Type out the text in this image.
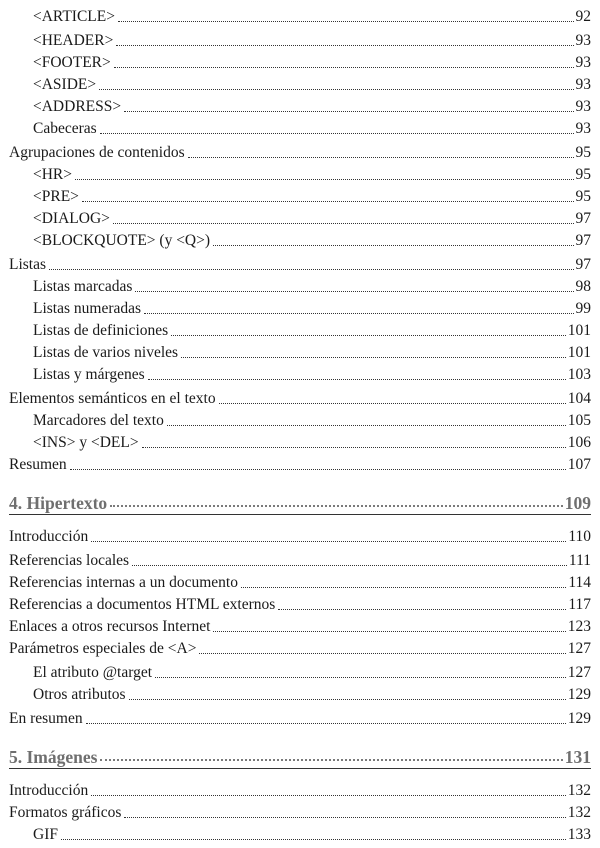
<ARTICLE>	92
<HEADER>	93
<FOOTER>	93
<ASIDE>	93
<ADDRESS>	93
Cabeceras	93
Agrupaciones de contenidos	95
<HR>	95
<PRE>	95
<DIALOG>	97
<BLOCKQUOTE> (y <Q>)	97
Listas	97
Listas marcadas	98
Listas numeradas	99
Listas de definiciones	101
Listas de varios niveles	101
Listas y márgenes	103
Elementos semánticos en el texto	104
Marcadores del texto	105
<INS> y <DEL>	106
Resumen	107
4. Hipertexto	109
Introducción	110
Referencias locales	111
Referencias internas a un documento	114
Referencias a documentos HTML externos	117
Enlaces a otros recursos Internet	123
Parámetros especiales de <A>	127
El atributo @target	127
Otros atributos	129
En resumen	129
5. Imágenes	131
Introducción	132
Formatos gráficos	132
GIF	133
